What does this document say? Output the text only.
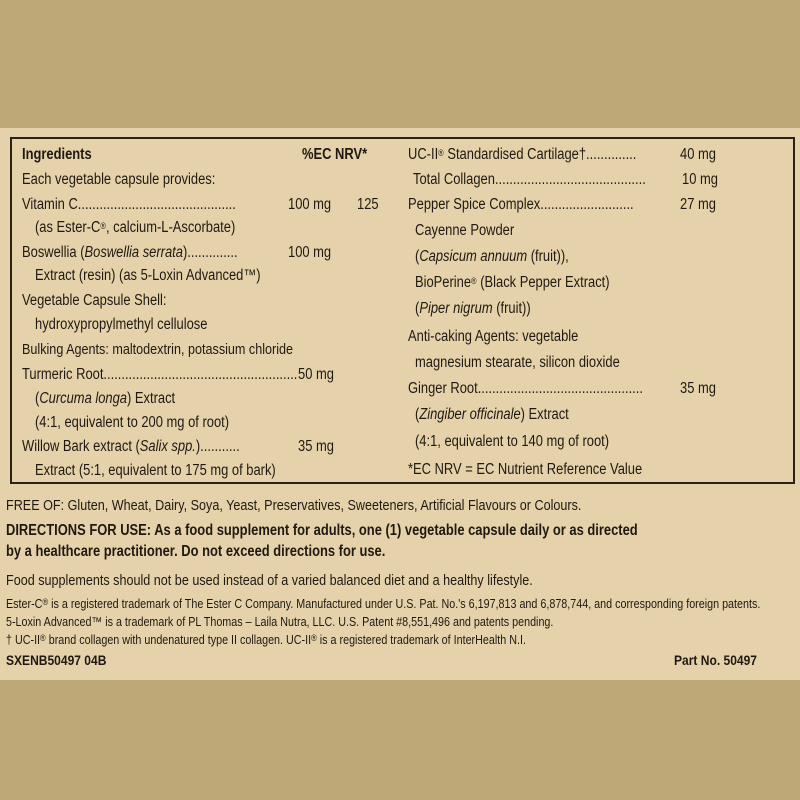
Ingredients	%EC NRV*
Each vegetable capsule provides:
Vitamin C............................................	100 mg 125
(as Ester-C®, calcium-L-Ascorbate)
Boswellia (Boswellia serrata)..............	100 mg
Extract (resin) (as 5-Loxin Advanced™)
Vegetable Capsule Shell:
hydroxypropylmethyl cellulose
Bulking Agents: maltodextrin, potassium chloride
Turmeric Root...................................................... 50 mg
(Curcuma longa) Extract
(4:1, equivalent to 200 mg of root)
Willow Bark extract (Salix spp.)...........	35 mg
Extract (5:1, equivalent to 175 mg of bark)
UC-II® Standardised Cartilage†..............	40 mg
Total Collagen.......................................... 10 mg
Pepper Spice Complex..........................	27 mg
Cayenne Powder
(Capsicum annuum (fruit)),
BioPerine® (Black Pepper Extract)
(Piper nigrum (fruit))
Anti-caking Agents: vegetable
magnesium stearate, silicon dioxide
Ginger Root.............................................. 35 mg
(Zingiber officinale) Extract
(4:1, equivalent to 140 mg of root)
*EC NRV = EC Nutrient Reference Value
FREE OF: Gluten, Wheat, Dairy, Soya, Yeast, Preservatives, Sweeteners, Artificial Flavours or Colours.
DIRECTIONS FOR USE: As a food supplement for adults, one (1) vegetable capsule daily or as directed
by a healthcare practitioner. Do not exceed directions for use.
Food supplements should not be used instead of a varied balanced diet and a healthy lifestyle.
Ester-C® is a registered trademark of The Ester C Company. Manufactured under U.S. Pat. No.'s 6,197,813 and 6,878,744, and corresponding foreign patents.
5-Loxin Advanced™ is a trademark of PL Thomas – Laila Nutra, LLC. U.S. Patent #8,551,496 and patents pending.
† UC-II® brand collagen with undenatured type II collagen. UC-II® is a registered trademark of InterHealth N.I.
SXENB50497 04B	Part No. 50497
